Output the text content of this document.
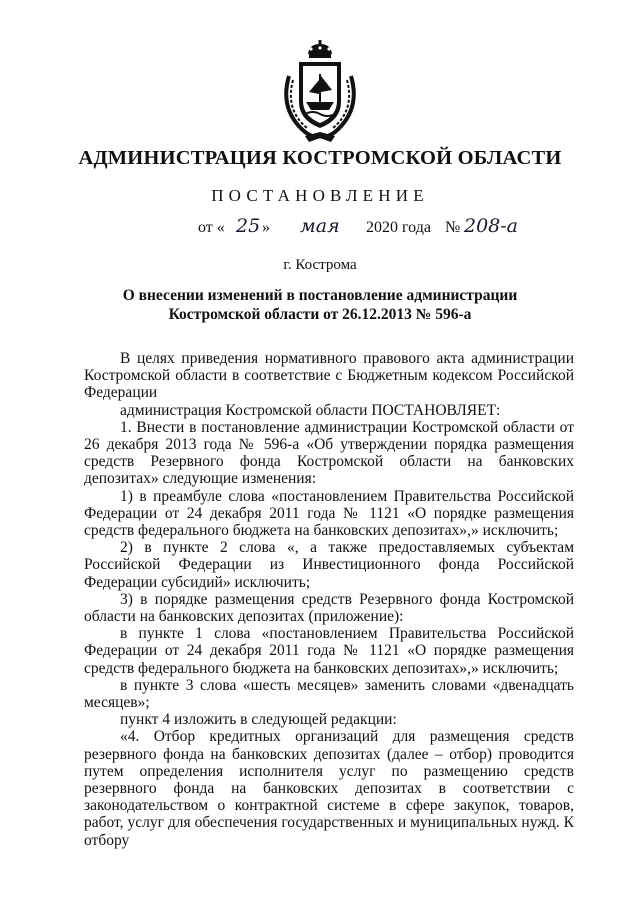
АДМИНИСТРАЦИЯ КОСТРОМСКОЙ ОБЛАСТИ
ПОСТАНОВЛЕНИЕ
от « 25 » мая 2020 года № 208-а
г. Кострома
О внесении изменений в постановление администрации Костромской области от 26.12.2013 № 596-а

В целях приведения нормативного правового акта администрации Костромской области в соответствие с Бюджетным кодексом Российской Федерации

администрация Костромской области ПОСТАНОВЛЯЕТ:

1. Внести в постановление администрации Костромской области от 26 декабря 2013 года № 596-а «Об утверждении порядка размещения средств Резервного фонда Костромской области на банковских депозитах» следующие изменения:

1) в преамбуле слова «постановлением Правительства Российской Федерации от 24 декабря 2011 года № 1121 «О порядке размещения средств федерального бюджета на банковских депозитах»,» исключить;

2) в пункте 2 слова «, а также предоставляемых субъектам Российской Федерации из Инвестиционного фонда Российской Федерации субсидий» исключить;

3) в порядке размещения средств Резервного фонда Костромской области на банковских депозитах (приложение):

в пункте 1 слова «постановлением Правительства Российской Федерации от 24 декабря 2011 года № 1121 «О порядке размещения средств федерального бюджета на банковских депозитах»,» исключить;

в пункте 3 слова «шесть месяцев» заменить словами «двенадцать месяцев»;

пункт 4 изложить в следующей редакции:

«4. Отбор кредитных организаций для размещения средств резервного фонда на банковских депозитах (далее – отбор) проводится путем определения исполнителя услуг по размещению средств резервного фонда на банковских депозитах в соответствии с законодательством о контрактной системе в сфере закупок, товаров, работ, услуг для обеспечения государственных и муниципальных нужд. К отбору
